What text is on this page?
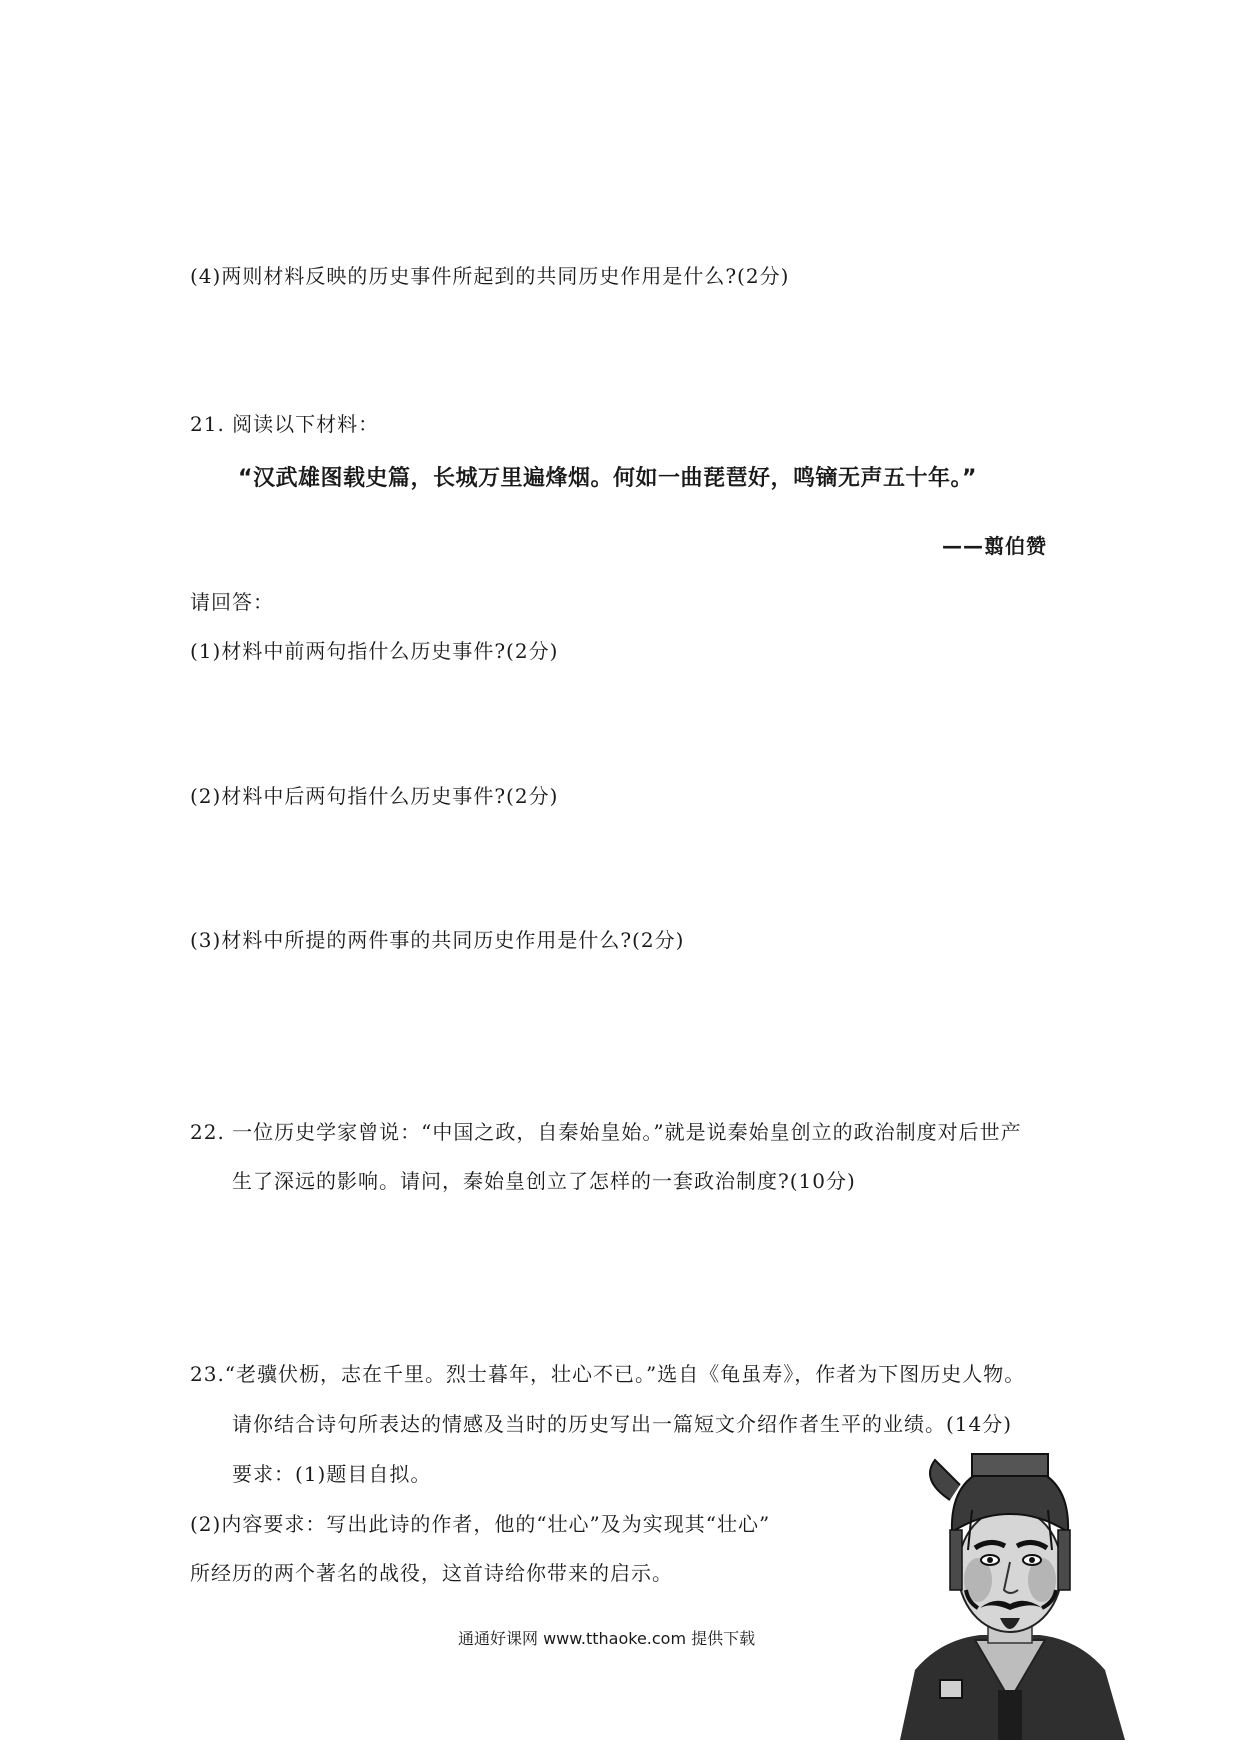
(4)两则材料反映的历史事件所起到的共同历史作用是什么?(2分)
21. 阅读以下材料：
“汉武雄图载史篇，长城万里遍烽烟。何如一曲琵琶好，鸣镝无声五十年。”
——翦伯赞
请回答：
(1)材料中前两句指什么历史事件?(2分)
(2)材料中后两句指什么历史事件?(2分)
(3)材料中所提的两件事的共同历史作用是什么?(2分)
22. 一位历史学家曾说：“中国之政，自秦始皇始。”就是说秦始皇创立的政治制度对后世产
生了深远的影响。请问，秦始皇创立了怎样的一套政治制度?(10分)
23.“老骥伏枥，志在千里。烈士暮年，壮心不已。”选自《龟虽寿》，作者为下图历史人物。
请你结合诗句所表达的情感及当时的历史写出一篇短文介绍作者生平的业绩。(14分)
要求：(1)题目自拟。
(2)内容要求：写出此诗的作者，他的“壮心”及为实现其“壮心”
所经历的两个著名的战役，这首诗给你带来的启示。
通通好课网 www.tthaoke.com 提供下载
